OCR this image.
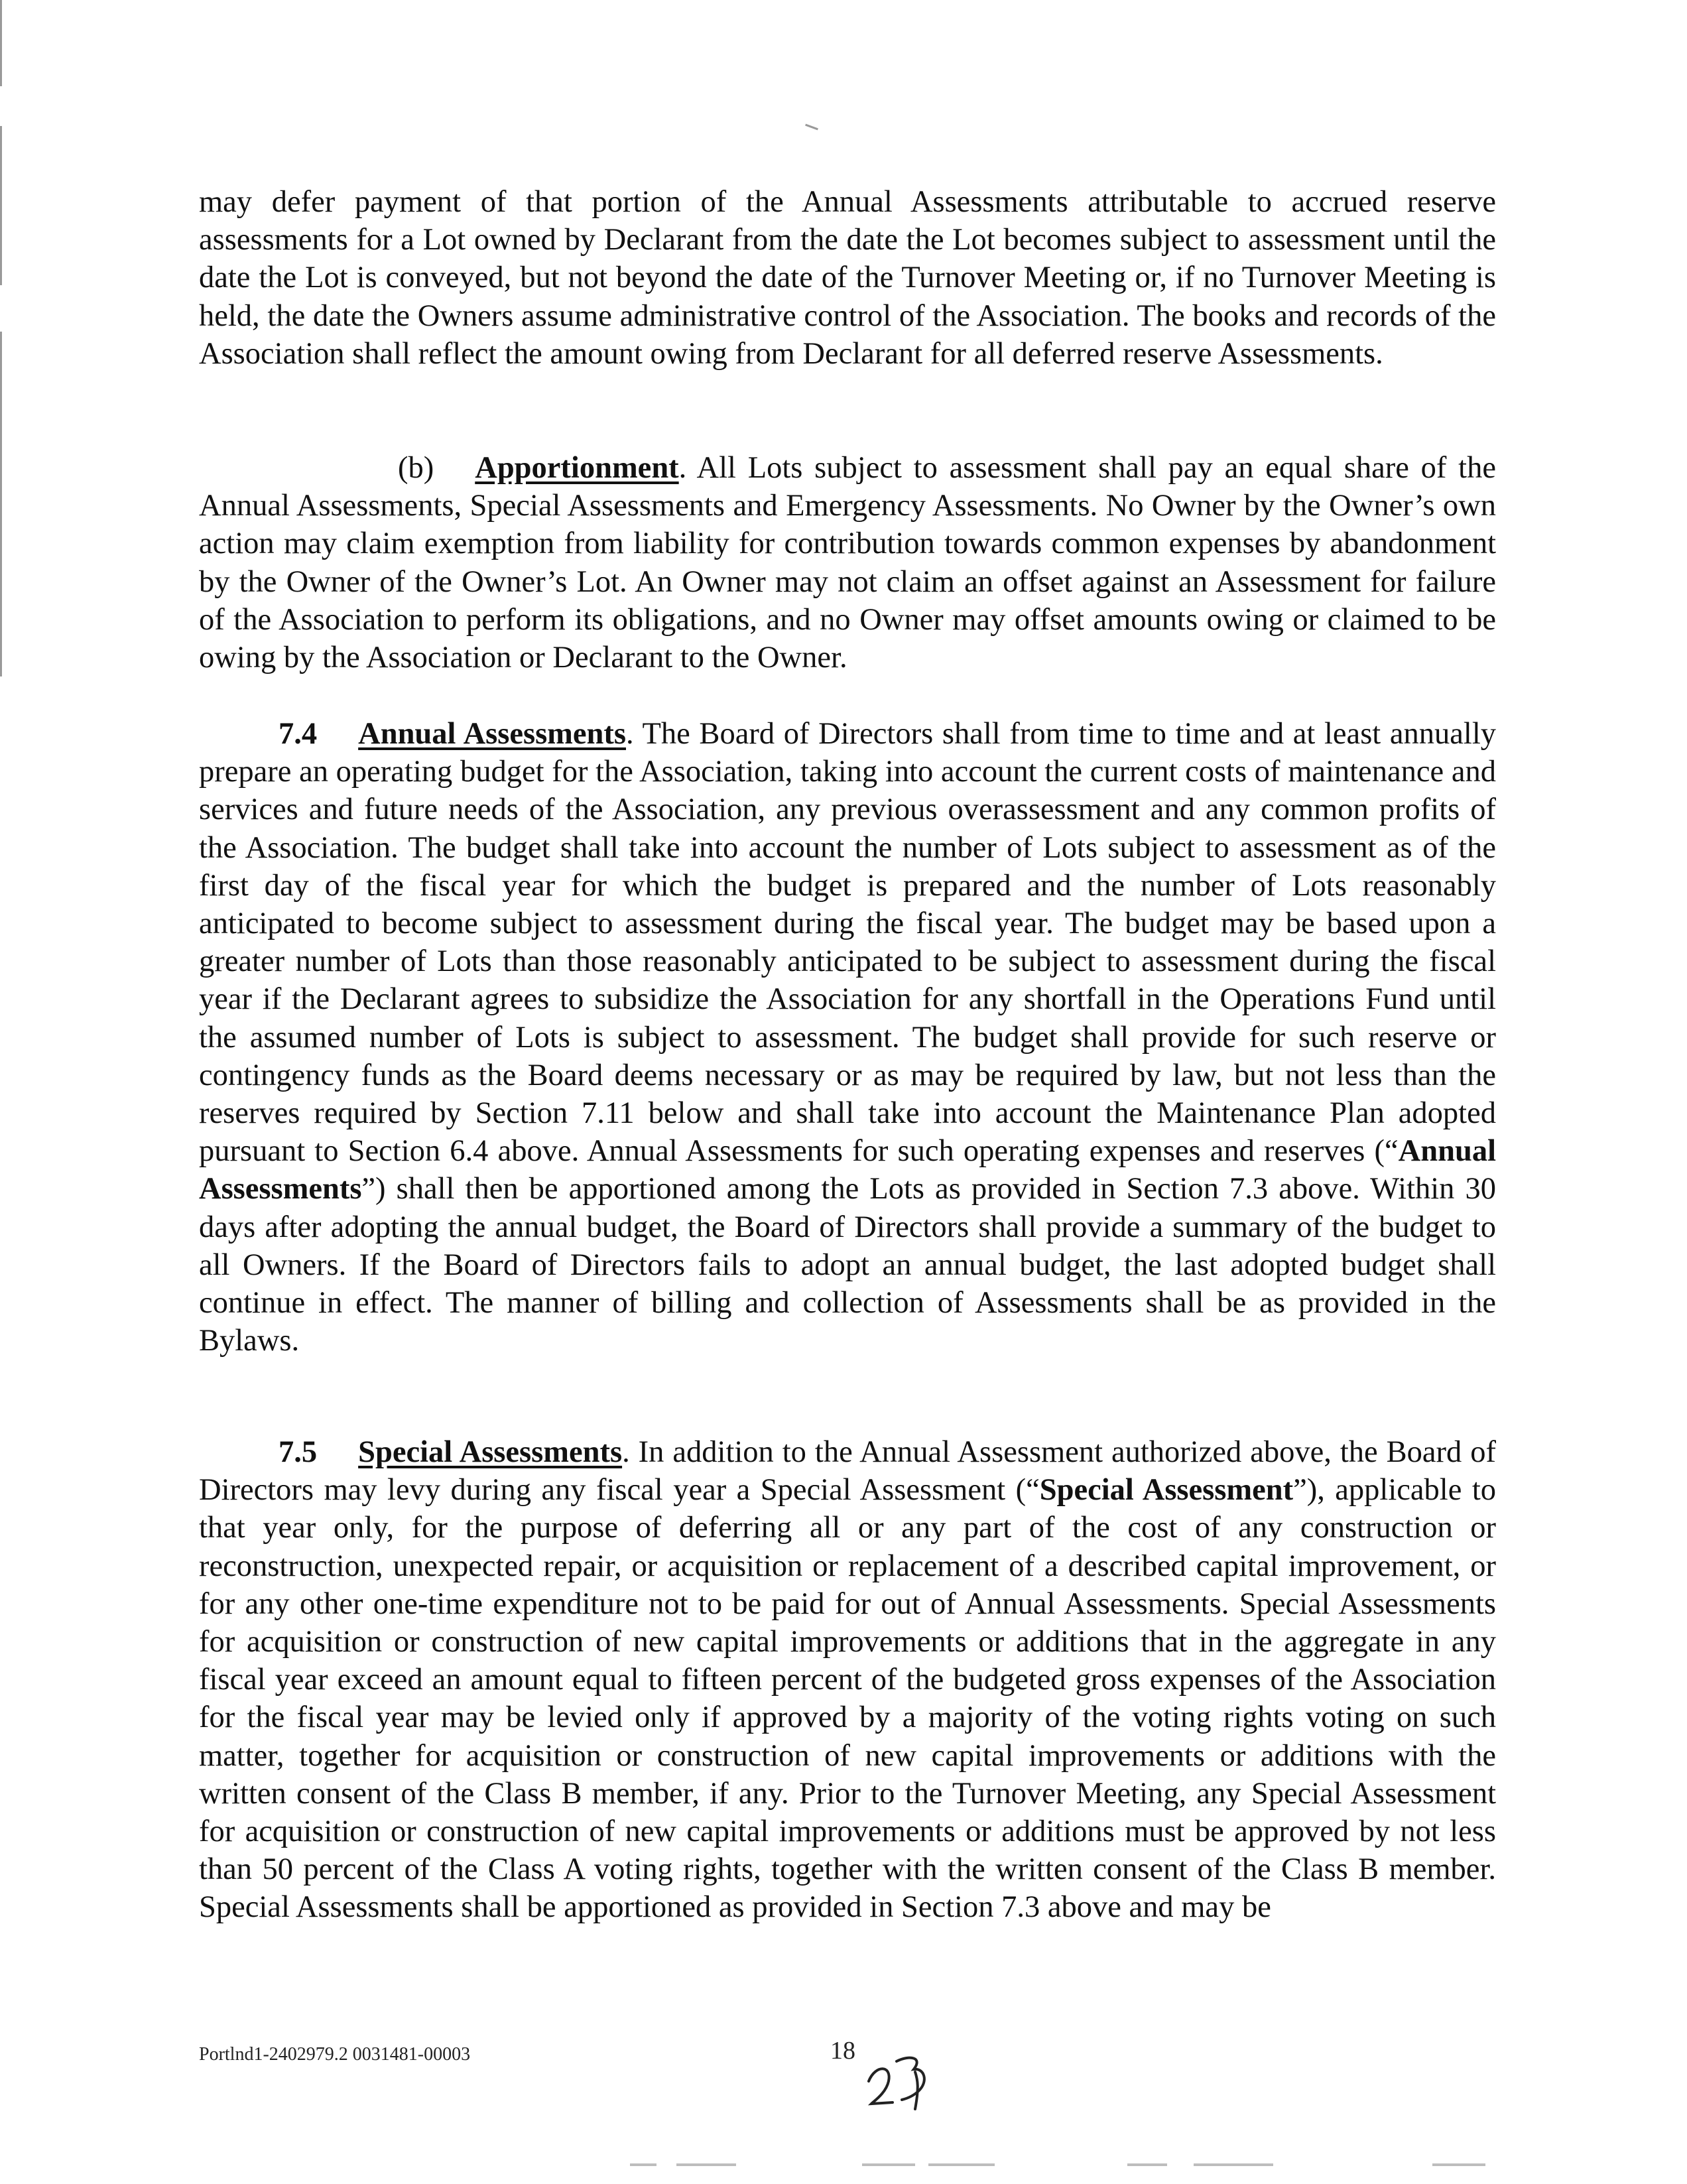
may defer payment of that portion of the Annual Assessments attributable to accrued reserve assessments for a Lot owned by Declarant from the date the Lot becomes subject to assessment until the date the Lot is conveyed, but not beyond the date of the Turnover Meeting or, if no Turnover Meeting is held, the date the Owners assume administrative control of the Association. The books and records of the Association shall reflect the amount owing from Declarant for all deferred reserve Assessments.

(b) Apportionment. All Lots subject to assessment shall pay an equal share of the Annual Assessments, Special Assessments and Emergency Assessments. No Owner by the Owner’s own action may claim exemption from liability for contribution towards common expenses by abandonment by the Owner of the Owner’s Lot. An Owner may not claim an offset against an Assessment for failure of the Association to perform its obligations, and no Owner may offset amounts owing or claimed to be owing by the Association or Declarant to the Owner.

7.4 Annual Assessments. The Board of Directors shall from time to time and at least annually prepare an operating budget for the Association, taking into account the current costs of maintenance and services and future needs of the Association, any previous overassessment and any common profits of the Association. The budget shall take into account the number of Lots subject to assessment as of the first day of the fiscal year for which the budget is prepared and the number of Lots reasonably anticipated to become subject to assessment during the fiscal year. The budget may be based upon a greater number of Lots than those reasonably anticipated to be subject to assessment during the fiscal year if the Declarant agrees to subsidize the Association for any shortfall in the Operations Fund until the assumed number of Lots is subject to assessment. The budget shall provide for such reserve or contingency funds as the Board deems necessary or as may be required by law, but not less than the reserves required by Section 7.11 below and shall take into account the Maintenance Plan adopted pursuant to Section 6.4 above. Annual Assessments for such operating expenses and reserves (“Annual Assessments”) shall then be apportioned among the Lots as provided in Section 7.3 above. Within 30 days after adopting the annual budget, the Board of Directors shall provide a summary of the budget to all Owners. If the Board of Directors fails to adopt an annual budget, the last adopted budget shall continue in effect. The manner of billing and collection of Assessments shall be as provided in the Bylaws.

7.5 Special Assessments. In addition to the Annual Assessment authorized above, the Board of Directors may levy during any fiscal year a Special Assessment (“Special Assessment”), applicable to that year only, for the purpose of deferring all or any part of the cost of any construction or reconstruction, unexpected repair, or acquisition or replacement of a described capital improvement, or for any other one-time expenditure not to be paid for out of Annual Assessments. Special Assessments for acquisition or construction of new capital improvements or additions that in the aggregate in any fiscal year exceed an amount equal to fifteen percent of the budgeted gross expenses of the Association for the fiscal year may be levied only if approved by a majority of the voting rights voting on such matter, together for acquisition or construction of new capital improvements or additions with the written consent of the Class B member, if any. Prior to the Turnover Meeting, any Special Assessment for acquisition or construction of new capital improvements or additions must be approved by not less than 50 percent of the Class A voting rights, together with the written consent of the Class B member. Special Assessments shall be apportioned as provided in Section 7.3 above and may be

Portlnd1-2402979.2 0031481-00003	18
